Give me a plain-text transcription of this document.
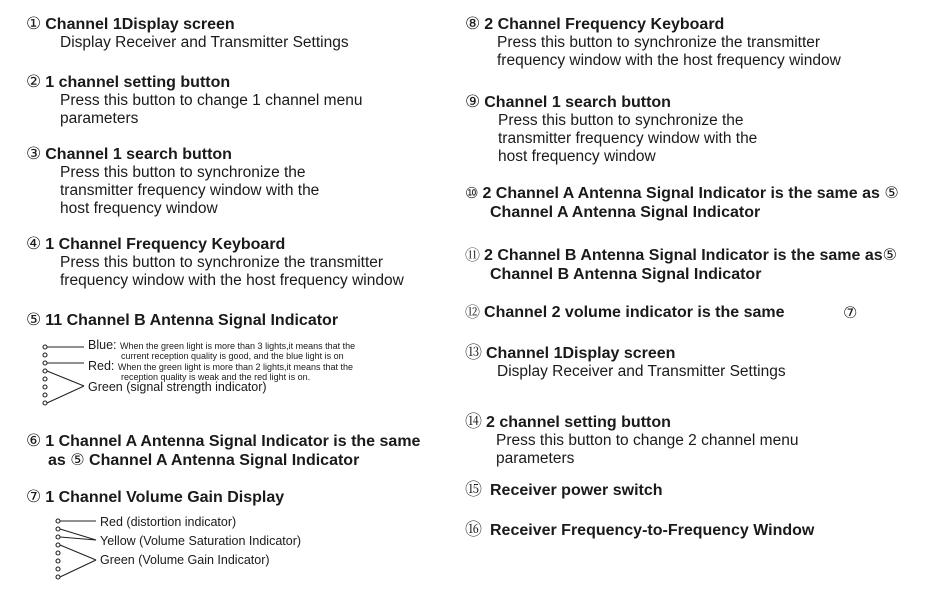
① Channel 1Display screen
Display Receiver and Transmitter Settings
② 1 channel setting button
Press this button to change 1 channel menu
parameters
③ Channel 1 search button
Press this button to synchronize the
transmitter frequency window with the
host frequency window
④ 1 Channel Frequency Keyboard
Press this button to synchronize the transmitter
frequency window with the host frequency window
⑤ 11 Channel B Antenna Signal Indicator
Blue: When the green light is more than 3 lights,it means that the
current reception quality is good, and the blue light is on
Red: When the green light is more than 2 lights,it means that the
reception quality is weak and the red light is on.
Green (signal strength indicator)
⑥ 1 Channel A Antenna Signal Indicator is the same
as ⑤ Channel A Antenna Signal Indicator
⑦ 1 Channel Volume Gain Display
Red (distortion indicator)
Yellow (Volume Saturation Indicator)
Green (Volume Gain Indicator)
⑧ 2 Channel Frequency Keyboard
Press this button to synchronize the transmitter
frequency window with the host frequency window
⑨ Channel 1 search button
Press this button to synchronize the
transmitter frequency window with the
host frequency window
⑩ 2 Channel A Antenna Signal Indicator is the same as ⑤
Channel A Antenna Signal Indicator
⑪ 2 Channel B Antenna Signal Indicator is the same as⑤
Channel B Antenna Signal Indicator
⑫ Channel 2 volume indicator is the same	⑦
⑬ Channel 1Display screen
Display Receiver and Transmitter Settings
⑭ 2 channel setting button
Press this button to change 2 channel menu
parameters
⑮ Receiver power switch
⑯ Receiver Frequency-to-Frequency Window
